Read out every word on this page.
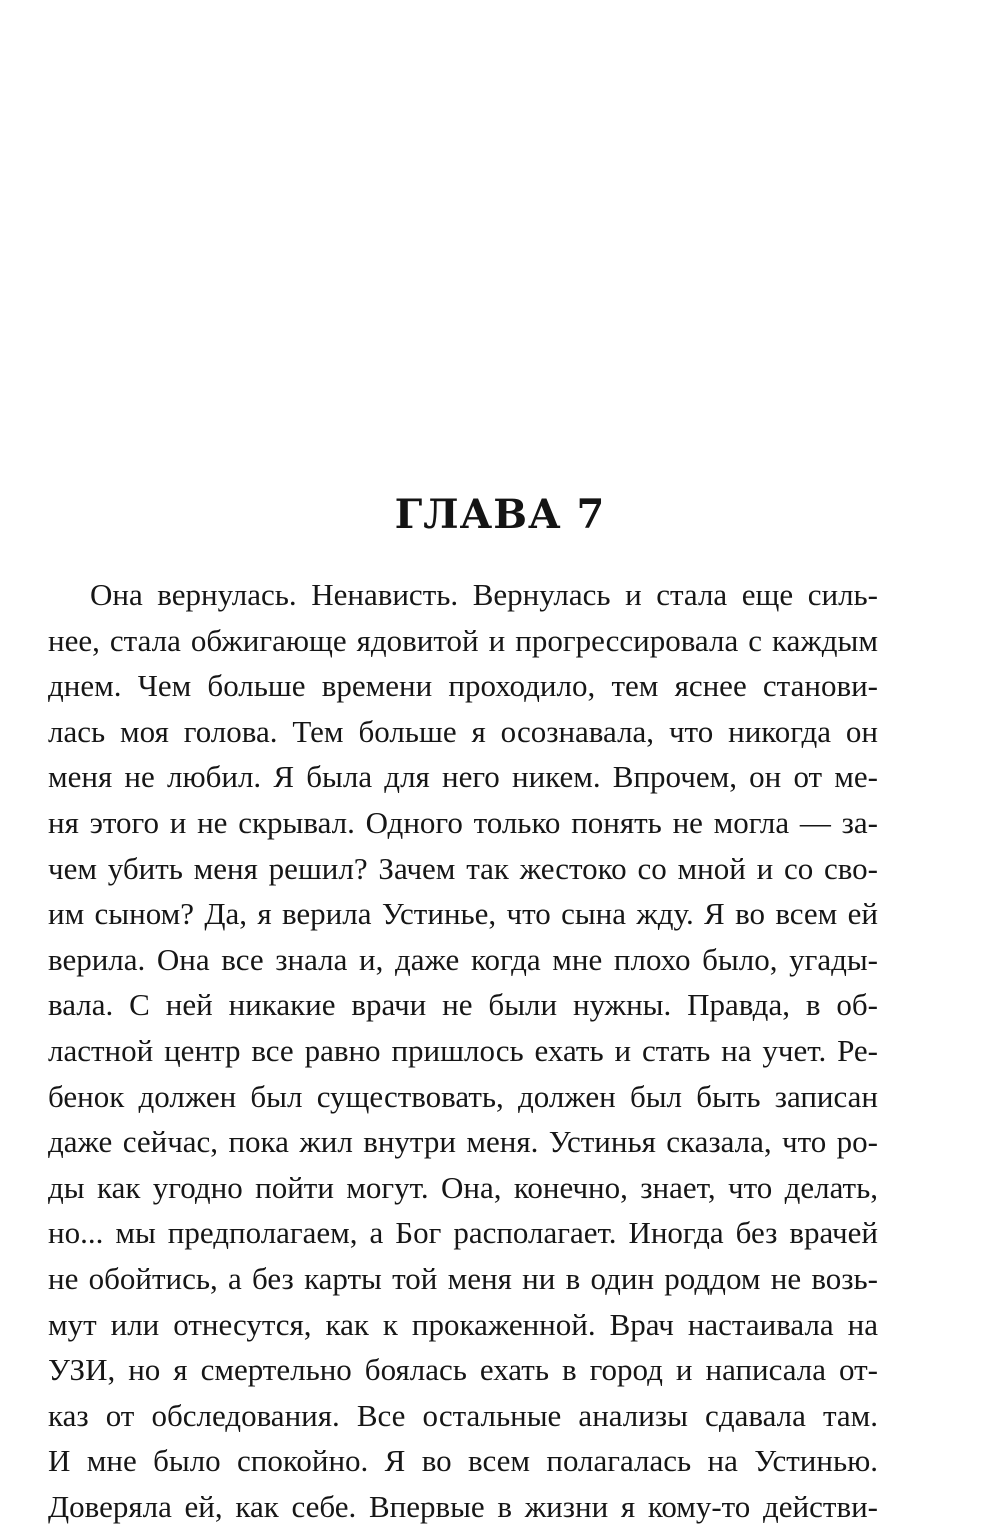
ГЛАВА 7
Она вернулась. Ненависть. Вернулась и стала еще силь-
нее, стала обжигающе ядовитой и прогрессировала с каждым
днем. Чем больше времени проходило, тем яснее станови-
лась моя голова. Тем больше я осознавала, что никогда он
меня не любил. Я была для него никем. Впрочем, он от ме-
ня этого и не скрывал. Одного только понять не могла — за-
чем убить меня решил? Зачем так жестоко со мной и со сво-
им сыном? Да, я верила Устинье, что сына жду. Я во всем ей
верила. Она все знала и, даже когда мне плохо было, угады-
вала. С ней никакие врачи не были нужны. Правда, в об-
ластной центр все равно пришлось ехать и стать на учет. Ре-
бенок должен был существовать, должен был быть записан
даже сейчас, пока жил внутри меня. Устинья сказала, что ро-
ды как угодно пойти могут. Она, конечно, знает, что делать,
но... мы предполагаем, а Бог располагает. Иногда без врачей
не обойтись, а без карты той меня ни в один роддом не возь-
мут или отнесутся, как к прокаженной. Врач настаивала на
УЗИ, но я смертельно боялась ехать в город и написала от-
каз от обследования. Все остальные анализы сдавала там.
И мне было спокойно. Я во всем полагалась на Устинью.
Доверяла ей, как себе. Впервые в жизни я кому-то действи-
